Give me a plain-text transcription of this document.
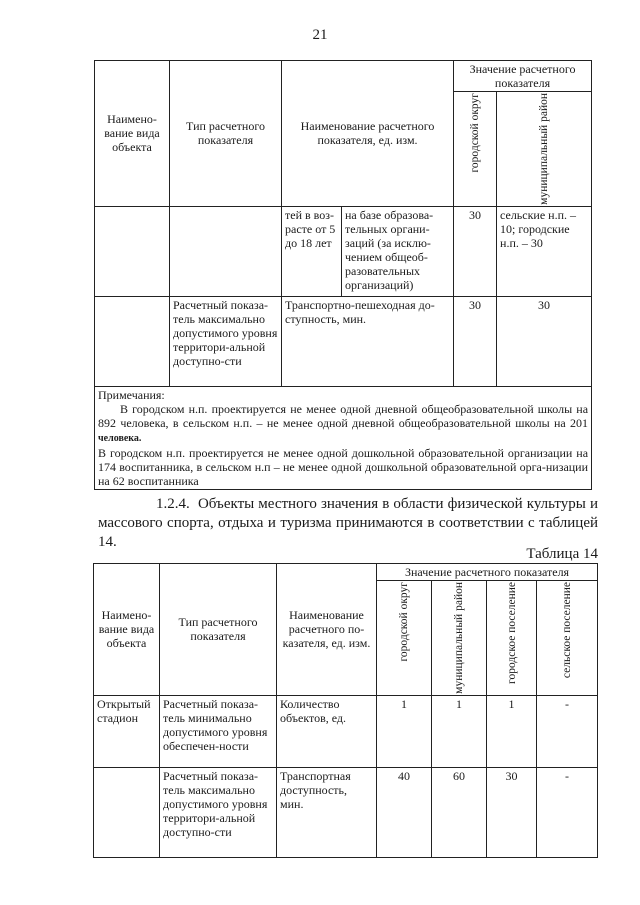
21
Наимено-вание вида объекта	Тип расчетного показателя	Наименование расчетного показателя, ед. изм.		Значение расчетного показателя	

				городской округ	муниципальный район

		тей в воз-расте от 5 до 18 лет	на базе образова-тельных органи-заций (за исклю-чением общеоб-разовательных организаций)	30	сельские н.п. – 10; городские н.п. – 30
	Расчетный показа-тель максимально допустимого уровня территори-альной доступно-сти	Транспортно-пешеходная до-ступность, мин.		30	30

Примечания:
В городском н.п. проектируется не менее одной дневной общеобразовательной школы на 892 человека, в сельском н.п. – не менее одной дневной общеобразовательной школы на 201 человека.
В городском н.п. проектируется не менее одной дошкольной образовательной организации на 174 воспитанника, в сельском н.п – не менее одной дошкольной образовательной орга-низации на 62 воспитанника					
1.2.4. Объекты местного значения в области физической культуры и массового спорта, отдыха и туризма принимаются в соответствии с таблицей 14.
Таблица 14
Наимено-вание вида объекта	Тип расчетного показателя	Наименование расчетного по-казателя, ед. изм.	Значение расчетного показателя			

			городской округ	муниципальный район	городское поселение	сельское поселение

Открытый стадион	Расчетный показа-тель минимально допустимого уровня обеспечен-ности	Количество объектов, ед.	1	1	1	-
	Расчетный показа-тель максимально допустимого уровня территори-альной доступно-сти	Транспортная доступность, мин.	40	60	30	-
